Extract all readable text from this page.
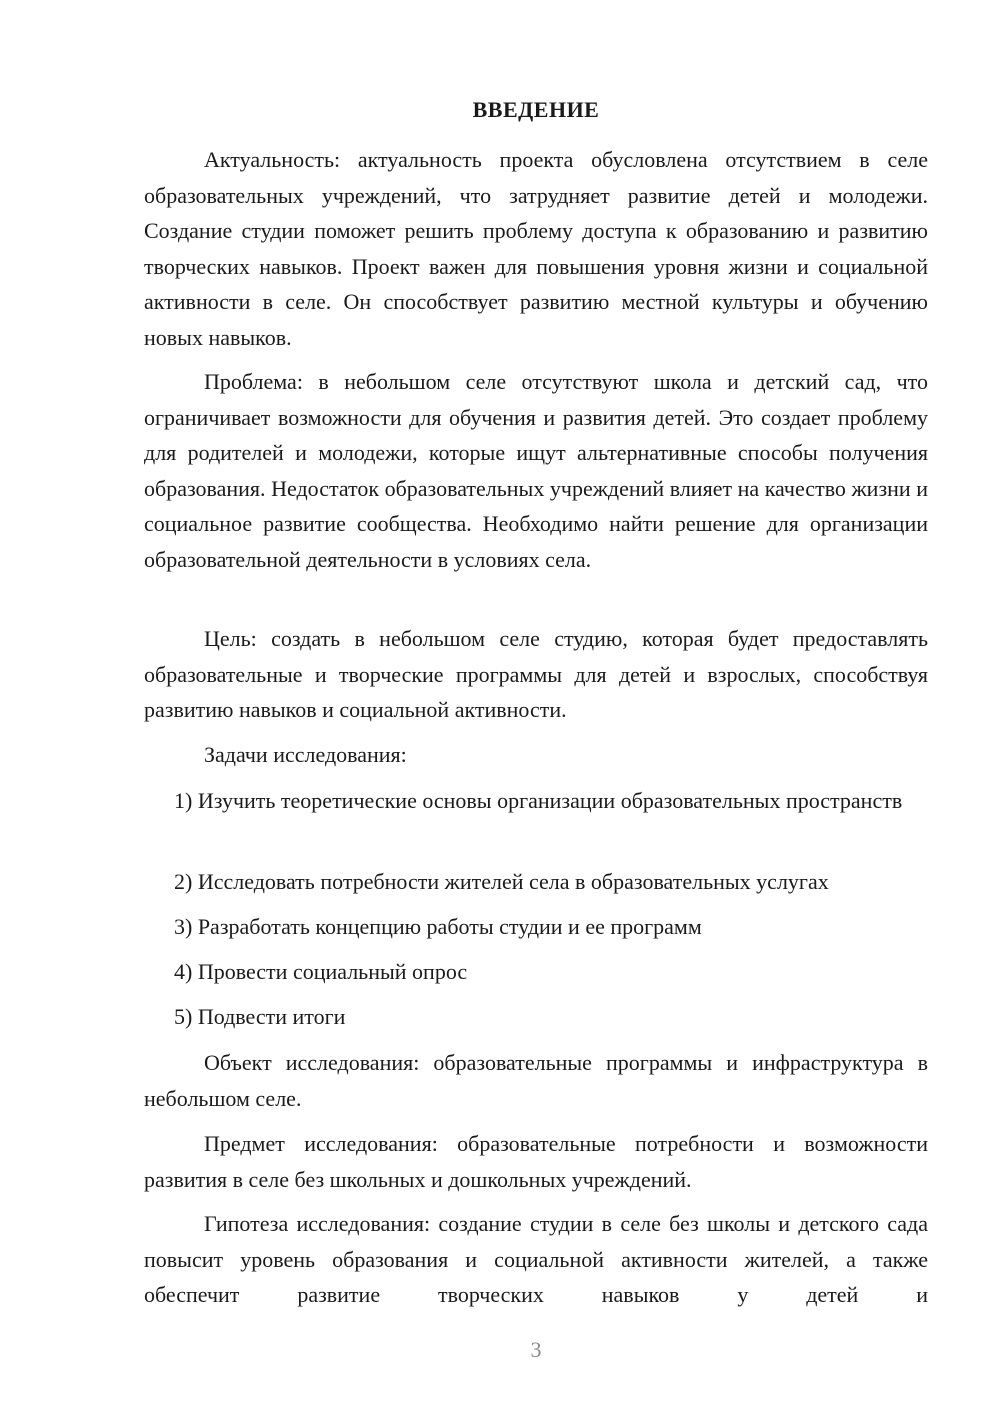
ВВЕДЕНИЕ

Актуальность: актуальность проекта обусловлена отсутствием в селе образовательных учреждений, что затрудняет развитие детей и молодежи. Создание студии поможет решить проблему доступа к образованию и развитию творческих навыков. Проект важен для повышения уровня жизни и социальной активности в селе. Он способствует развитию местной культуры и обучению новых навыков.

Проблема: в небольшом селе отсутствуют школа и детский сад, что ограничивает возможности для обучения и развития детей. Это создает проблему для родителей и молодежи, которые ищут альтернативные способы получения образования. Недостаток образовательных учреждений влияет на качество жизни и социальное развитие сообщества. Необходимо найти решение для организации образовательной деятельности в условиях села.

Цель: создать в небольшом селе студию, которая будет предоставлять образовательные и творческие программы для детей и взрослых, способствуя развитию навыков и социальной активности.

Задачи исследования:

1) Изучить теоретические основы организации образовательных пространств

2) Исследовать потребности жителей села в образовательных услугах

3) Разработать концепцию работы студии и ее программ

4) Провести социальный опрос

5) Подвести итоги

Объект исследования: образовательные программы и инфраструктура в небольшом селе.

Предмет исследования: образовательные потребности и возможности развития в селе без школьных и дошкольных учреждений.

Гипотеза исследования: создание студии в селе без школы и детского сада повысит уровень образования и социальной активности жителей, а также обеспечит развитие творческих навыков у детей и

3
